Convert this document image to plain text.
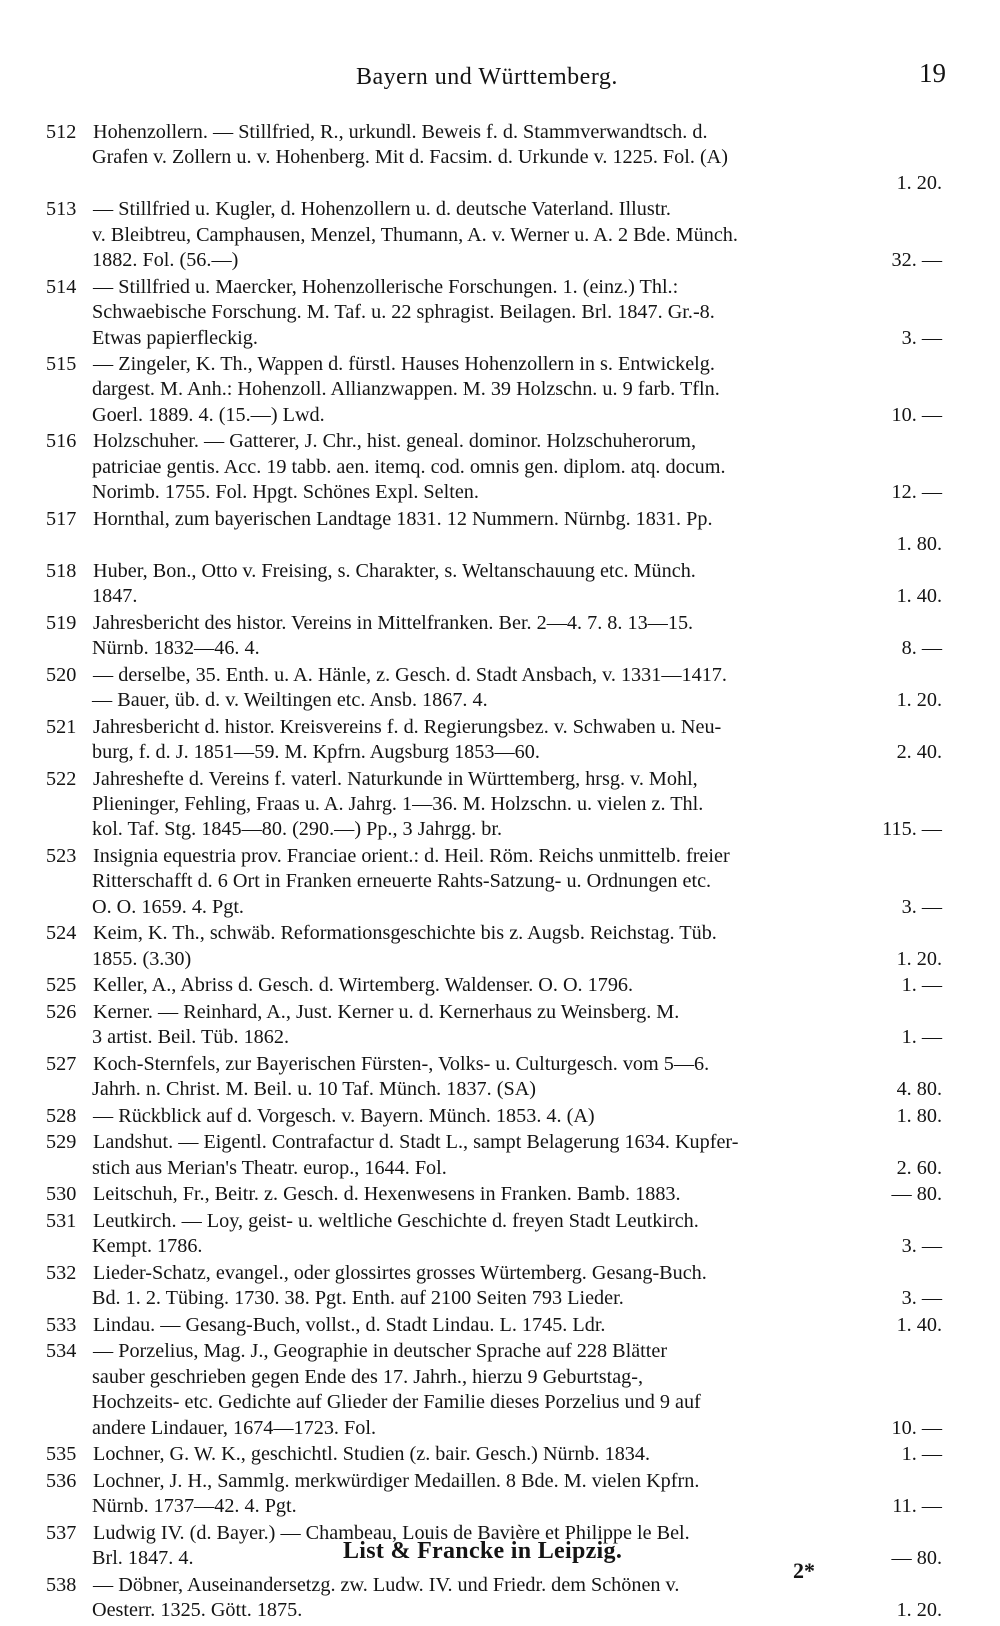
Bayern und Württemberg.	19
512 Hohenzollern. — Stillfried, R., urkundl. Beweis f. d. Stammverwandtsch. d.
Grafen v. Zollern u. v. Hohenberg. Mit d. Facsim. d. Urkunde v. 1225. Fol. (A)
1. 20.
513 — Stillfried u. Kugler, d. Hohenzollern u. d. deutsche Vaterland. Illustr.
v. Bleibtreu, Camphausen, Menzel, Thumann, A. v. Werner u. A. 2 Bde. Münch.
1882. Fol. (56.—)	32. —
514 — Stillfried u. Maercker, Hohenzollerische Forschungen. 1. (einz.) Thl.:
Schwaebische Forschung. M. Taf. u. 22 sphragist. Beilagen. Brl. 1847. Gr.-8.
Etwas papierfleckig.	3. —
515 — Zingeler, K. Th., Wappen d. fürstl. Hauses Hohenzollern in s. Entwickelg.
dargest. M. Anh.: Hohenzoll. Allianzwappen. M. 39 Holzschn. u. 9 farb. Tfln.
Goerl. 1889. 4. (15.—) Lwd.	10. —
516 Holzschuher. — Gatterer, J. Chr., hist. geneal. dominor. Holzschuherorum,
patriciae gentis. Acc. 19 tabb. aen. itemq. cod. omnis gen. diplom. atq. docum.
Norimb. 1755. Fol. Hpgt. Schönes Expl. Selten.	12. —
517 Hornthal, zum bayerischen Landtage 1831. 12 Nummern. Nürnbg. 1831. Pp.
1. 80.
518 Huber, Bon., Otto v. Freising, s. Charakter, s. Weltanschauung etc. Münch.
1847.	1. 40.
519 Jahresbericht des histor. Vereins in Mittelfranken. Ber. 2—4. 7. 8. 13—15.
Nürnb. 1832—46. 4.	8. —
520 — derselbe, 35. Enth. u. A. Hänle, z. Gesch. d. Stadt Ansbach, v. 1331—1417.
— Bauer, üb. d. v. Weiltingen etc. Ansb. 1867. 4.	1. 20.
521 Jahresbericht d. histor. Kreisvereins f. d. Regierungsbez. v. Schwaben u. Neu-
burg, f. d. J. 1851—59. M. Kpfrn. Augsburg 1853—60.	2. 40.
522 Jahreshefte d. Vereins f. vaterl. Naturkunde in Württemberg, hrsg. v. Mohl,
Plieninger, Fehling, Fraas u. A. Jahrg. 1—36. M. Holzschn. u. vielen z. Thl.
kol. Taf. Stg. 1845—80. (290.—) Pp., 3 Jahrgg. br.	115. —
523 Insignia equestria prov. Franciae orient.: d. Heil. Röm. Reichs unmittelb. freier
Ritterschafft d. 6 Ort in Franken erneuerte Rahts-Satzung- u. Ordnungen etc.
O. O. 1659. 4. Pgt.	3. —
524 Keim, K. Th., schwäb. Reformationsgeschichte bis z. Augsb. Reichstag. Tüb.
1855. (3.30)	1. 20.
525 Keller, A., Abriss d. Gesch. d. Wirtemberg. Waldenser. O. O. 1796.	1. —
526 Kerner. — Reinhard, A., Just. Kerner u. d. Kernerhaus zu Weinsberg. M.
3 artist. Beil. Tüb. 1862.	1. —
527 Koch-Sternfels, zur Bayerischen Fürsten-, Volks- u. Culturgesch. vom 5—6.
Jahrh. n. Christ. M. Beil. u. 10 Taf. Münch. 1837. (SA)	4. 80.
528 — Rückblick auf d. Vorgesch. v. Bayern. Münch. 1853. 4. (A)	1. 80.
529 Landshut. — Eigentl. Contrafactur d. Stadt L., sampt Belagerung 1634. Kupfer-
stich aus Merian's Theatr. europ., 1644. Fol.	2. 60.
530 Leitschuh, Fr., Beitr. z. Gesch. d. Hexenwesens in Franken. Bamb. 1883.	— 80.
531 Leutkirch. — Loy, geist- u. weltliche Geschichte d. freyen Stadt Leutkirch.
Kempt. 1786.	3. —
532 Lieder-Schatz, evangel., oder glossirtes grosses Würtemberg. Gesang-Buch.
Bd. 1. 2. Tübing. 1730. 38. Pgt. Enth. auf 2100 Seiten 793 Lieder.	3. —
533 Lindau. — Gesang-Buch, vollst., d. Stadt Lindau. L. 1745. Ldr.	1. 40.
534 — Porzelius, Mag. J., Geographie in deutscher Sprache auf 228 Blätter
sauber geschrieben gegen Ende des 17. Jahrh., hierzu 9 Geburtstag-,
Hochzeits- etc. Gedichte auf Glieder der Familie dieses Porzelius und 9 auf
andere Lindauer, 1674—1723. Fol.	10. —
535 Lochner, G. W. K., geschichtl. Studien (z. bair. Gesch.) Nürnb. 1834.	1. —
536 Lochner, J. H., Sammlg. merkwürdiger Medaillen. 8 Bde. M. vielen Kpfrn.
Nürnb. 1737—42. 4. Pgt.	11. —
537 Ludwig IV. (d. Bayer.) — Chambeau, Louis de Bavière et Philippe le Bel.
Brl. 1847. 4.	— 80.
538 — Döbner, Auseinandersetzg. zw. Ludw. IV. und Friedr. dem Schönen v.
Oesterr. 1325. Gött. 1875.	1. 20.
List & Francke in Leipzig.
2*
